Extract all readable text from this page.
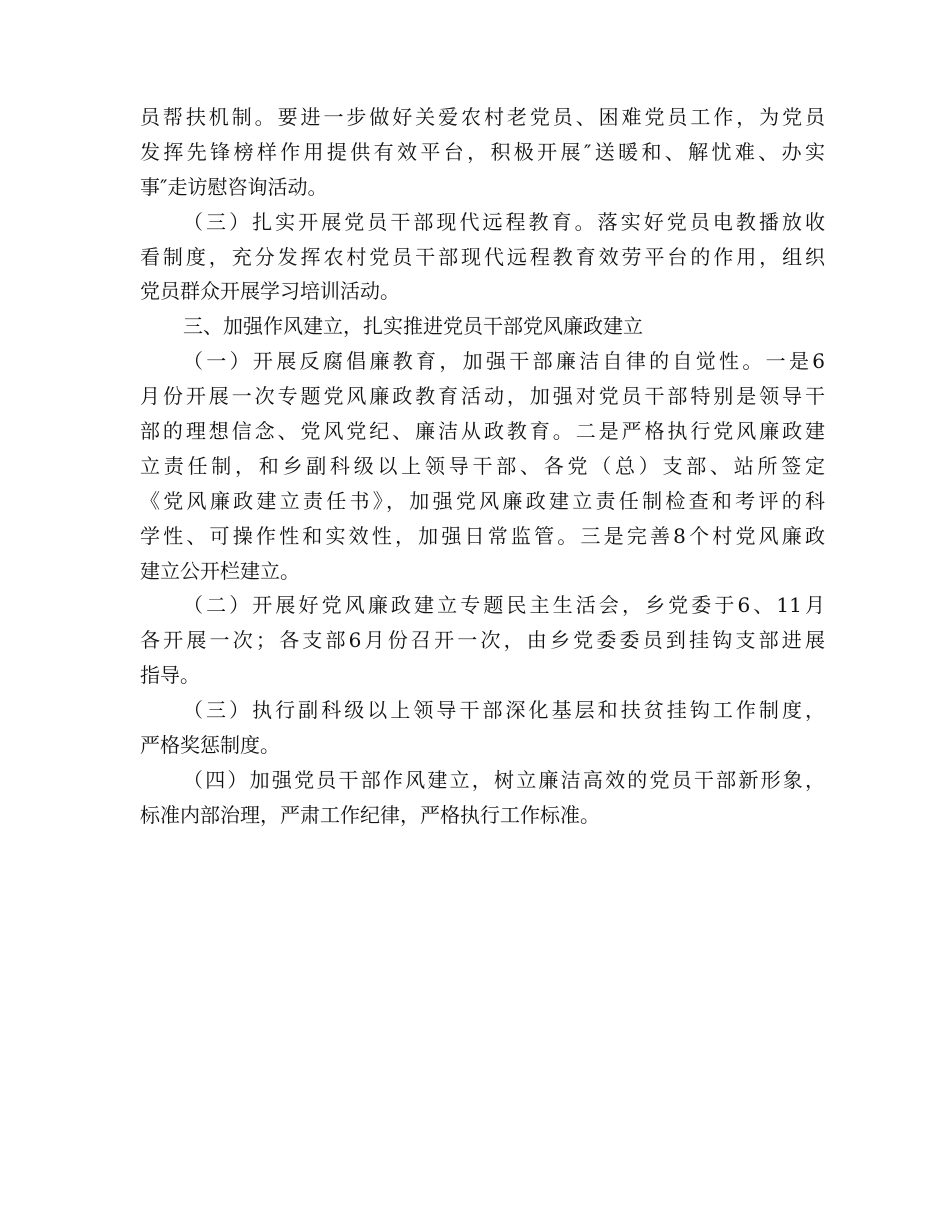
员帮扶机制。要进一步做好关爱农村老党员、困难党员工作，为党员
发挥先锋榜样作用提供有效平台，积极开展″送暖和、解忧难、办实
事″走访慰咨询活动。
（三）扎实开展党员干部现代远程教育。落实好党员电教播放收
看制度，充分发挥农村党员干部现代远程教育效劳平台的作用，组织
党员群众开展学习培训活动。
三、加强作风建立，扎实推进党员干部党风廉政建立
（一）开展反腐倡廉教育，加强干部廉洁自律的自觉性。一是6
月份开展一次专题党风廉政教育活动，加强对党员干部特别是领导干
部的理想信念、党风党纪、廉洁从政教育。二是严格执行党风廉政建
立责任制，和乡副科级以上领导干部、各党（总）支部、站所签定
《党风廉政建立责任书》，加强党风廉政建立责任制检查和考评的科
学性、可操作性和实效性，加强日常监管。三是完善8个村党风廉政
建立公开栏建立。
（二）开展好党风廉政建立专题民主生活会，乡党委于6、11月
各开展一次；各支部6月份召开一次，由乡党委委员到挂钩支部进展
指导。
（三）执行副科级以上领导干部深化基层和扶贫挂钩工作制度，
严格奖惩制度。
（四）加强党员干部作风建立，树立廉洁高效的党员干部新形象，
标准内部治理，严肃工作纪律，严格执行工作标准。
